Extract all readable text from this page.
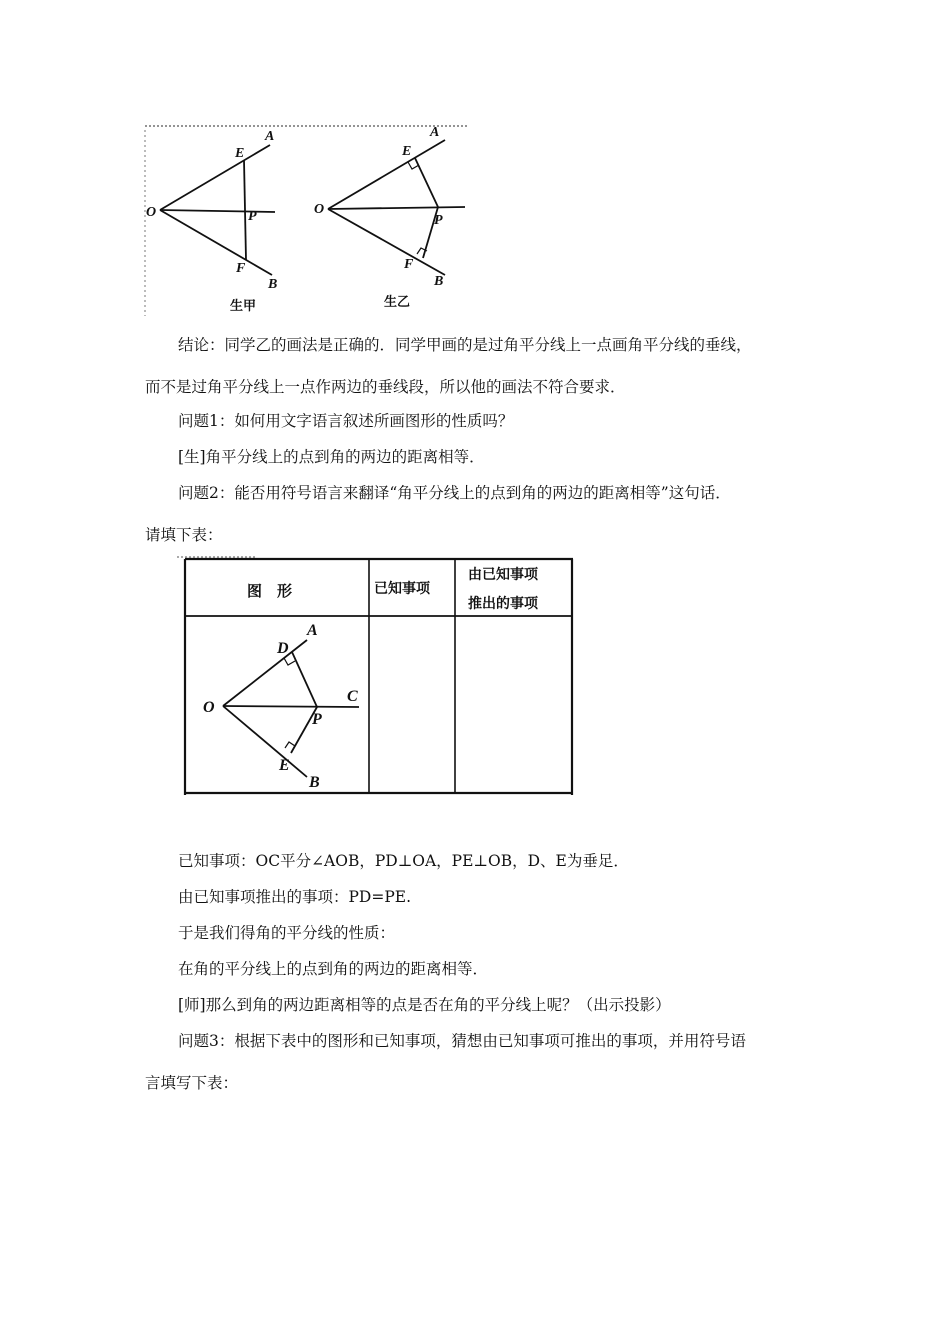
A
E
O	P
F
B
生甲
A
E
O
P
F
B
生乙
结论：同学乙的画法是正确的．同学甲画的是过角平分线上一点画角平分线的垂线，
而不是过角平分线上一点作两边的垂线段，所以他的画法不符合要求．
问题1：如何用文字语言叙述所画图形的性质吗？
[生]角平分线上的点到角的两边的距离相等．
问题2：能否用符号语言来翻译“角平分线上的点到角的两边的距离相等”这句话．
请填下表：
图　形	已知事项
由已知事项
推出的事项
A
D
O
C
P
E
B
已知事项：OC平分∠AOB，PD⊥OA，PE⊥OB，D、E为垂足．
由已知事项推出的事项：PD=PE.
于是我们得角的平分线的性质：
在角的平分线上的点到角的两边的距离相等．
[师]那么到角的两边距离相等的点是否在角的平分线上呢？（出示投影）
问题3：根据下表中的图形和已知事项，猜想由已知事项可推出的事项，并用符号语
言填写下表：
